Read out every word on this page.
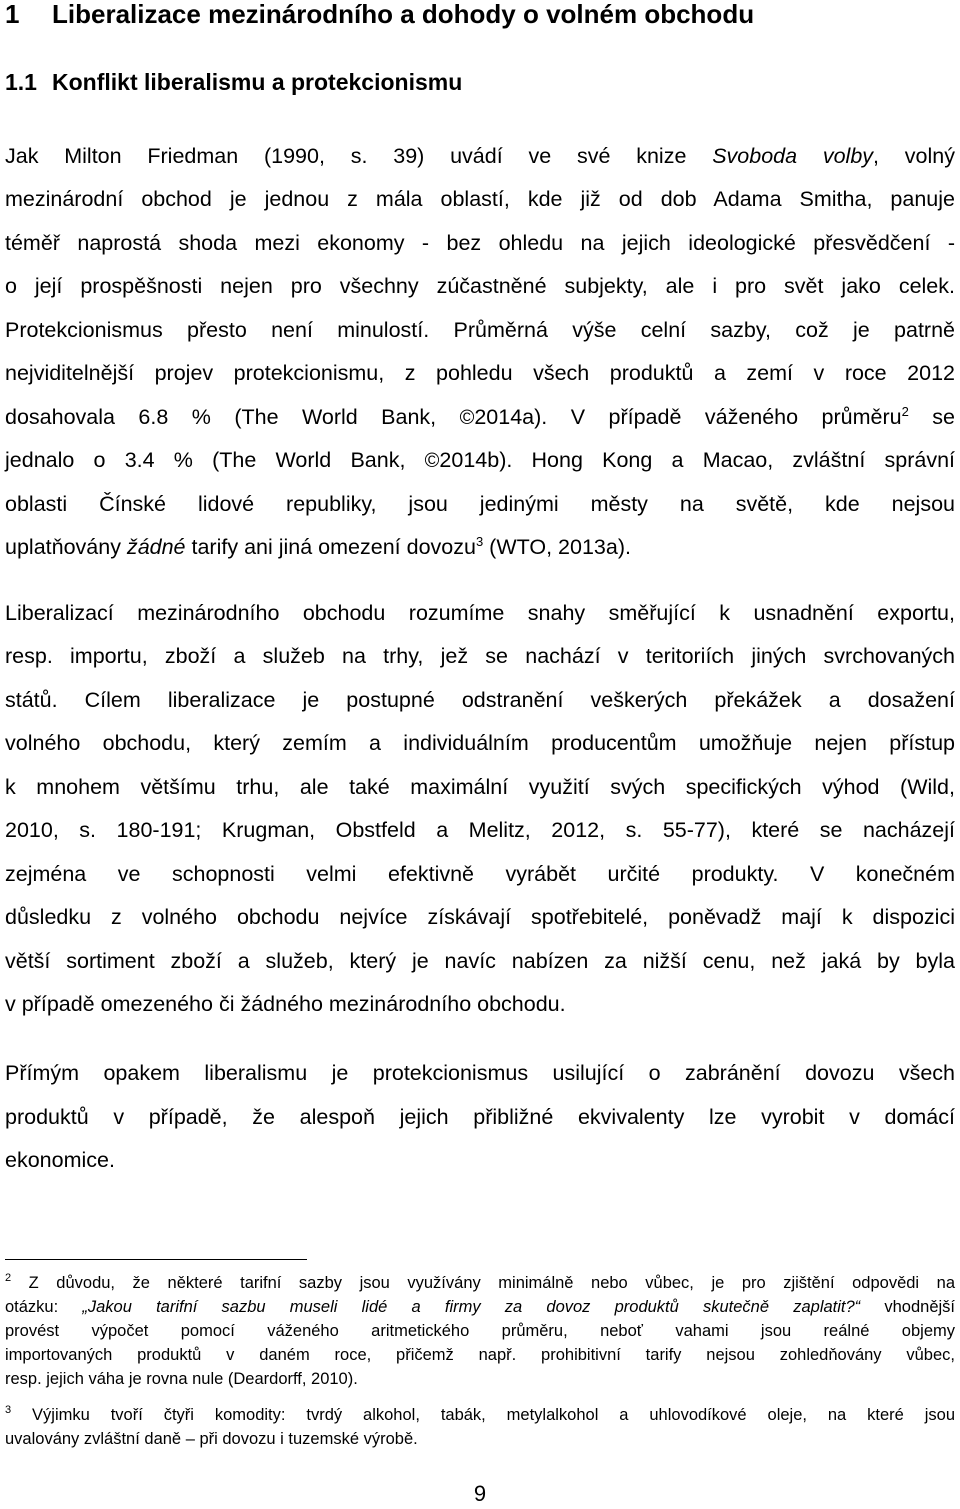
1 Liberalizace mezinárodního a dohody o volném obchodu
1.1 Konflikt liberalismu a protekcionismu
Jak Milton Friedman (1990, s. 39) uvádí ve své knize Svoboda volby, volný
mezinárodní obchod je jednou z mála oblastí, kde již od dob Adama Smitha, panuje
téměř naprostá shoda mezi ekonomy - bez ohledu na jejich ideologické přesvědčení -
o její prospěšnosti nejen pro všechny zúčastněné subjekty, ale i pro svět jako celek.
Protekcionismus přesto není minulostí. Průměrná výše celní sazby, což je patrně
nejviditelnější projev protekcionismu, z pohledu všech produktů a zemí v roce 2012
dosahovala 6.8 % (The World Bank, ©2014a). V případě váženého průměru$^2$ se
jednalo o 3.4 % (The World Bank, ©2014b). Hong Kong a Macao, zvláštní správní
oblasti Čínské lidové republiky, jsou jedinými městy na světě, kde nejsou
uplatňovány žádné tarify ani jiná omezení dovozu$^3$ (WTO, 2013a).
Liberalizací mezinárodního obchodu rozumíme snahy směřující k usnadnění exportu,
resp. importu, zboží a služeb na trhy, jež se nachází v teritoriích jiných svrchovaných
států. Cílem liberalizace je postupné odstranění veškerých překážek a dosažení
volného obchodu, který zemím a individuálním producentům umožňuje nejen přístup
k mnohem většímu trhu, ale také maximální využití svých specifických výhod (Wild,
2010, s. 180-191; Krugman, Obstfeld a Melitz, 2012, s. 55-77), které se nacházejí
zejména ve schopnosti velmi efektivně vyrábět určité produkty. V konečném
důsledku z volného obchodu nejvíce získávají spotřebitelé, poněvadž mají k dispozici
větší sortiment zboží a služeb, který je navíc nabízen za nižší cenu, než jaká by byla
v případě omezeného či žádného mezinárodního obchodu.
Přímým opakem liberalismu je protekcionismus usilující o zabránění dovozu všech
produktů v případě, že alespoň jejich přibližné ekvivalenty lze vyrobit v domácí
ekonomice.
$^2$ Z důvodu, že některé tarifní sazby jsou využívány minimálně nebo vůbec, je pro zjištění odpovědi na
otázku: „Jakou tarifní sazbu museli lidé a firmy za dovoz produktů skutečně zaplatit?“ vhodnější
provést výpočet pomocí váženého aritmetického průměru, neboť vahami jsou reálné objemy
importovaných produktů v daném roce, přičemž např. prohibitivní tarify nejsou zohledňovány vůbec,
resp. jejich váha je rovna nule (Deardorff, 2010).
$^3$ Výjimku tvoří čtyři komodity: tvrdý alkohol, tabák, metylalkohol a uhlovodíkové oleje, na které jsou
uvalovány zvláštní daně – při dovozu i tuzemské výrobě.
9
